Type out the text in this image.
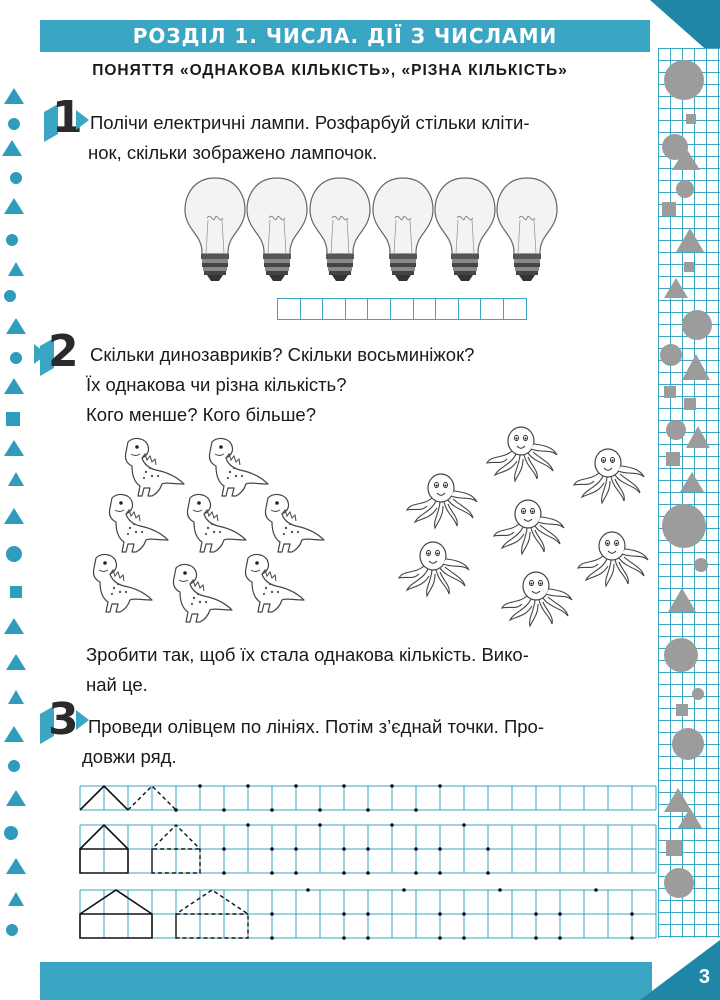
РОЗДІЛ 1. ЧИСЛА. ДІЇ З ЧИСЛАМИ
ПОНЯТТЯ «ОДНАКОВА КІЛЬКІСТЬ», «РІЗНА КІЛЬКІСТЬ»
1 Полічи електричні лампи. Розфарбуй стільки кліти-

нок, скільки зображено лампочок.

2 Скільки динозавриків? Скільки восьминіжок?

Їх однакова чи різна кількість?

Кого менше? Кого більше?

Зробити так, щоб їх стала однакова кількість. Вико-

най це.

3 Проведи олівцем по лініях. Потім з’єднай точки. Про-

довжи ряд.

3
